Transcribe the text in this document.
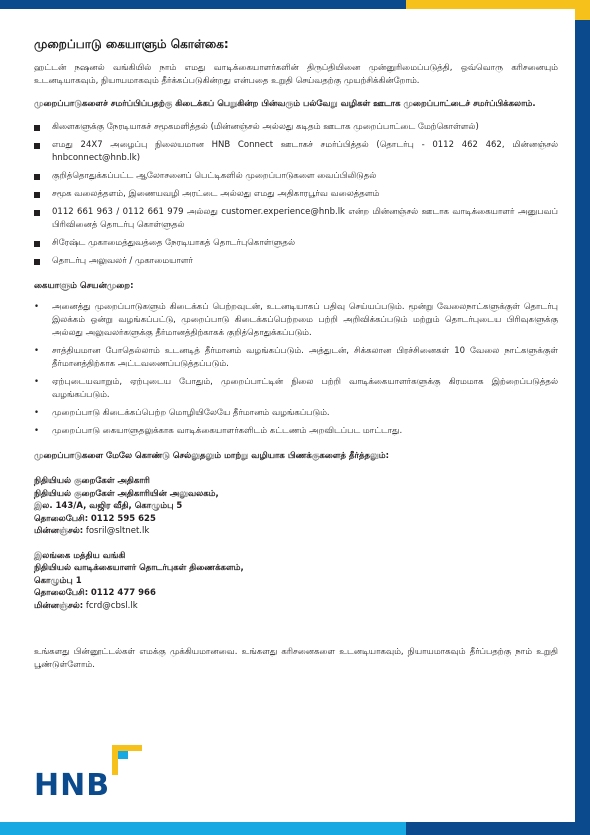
முறைப்பாடு கையாளும் கொள்கை:

ஹட்டன் நஷனல் வங்கியில் நாம் எமது வாடிக்கையாளர்களின் திருப்தியினை முன்னுரிமைப்படுத்தி, ஒவ்வொரு கரிசனையும் உடனடியாகவும், நியாயமாகவும் தீர்க்கப்படுகின்றது என்பதை உறுதி செய்வதற்கு முயற்சிக்கின்றோம்.

முறைப்பாடுகளைச் சமர்ப்பிப்பதற்கு கிடைக்கப் பெறுகின்ற பின்வரும் பல்வேறு வழிகள் ஊடாக முறைப்பாட்டைச் சமர்ப்பிக்கலாம்.

கிளைகளுக்கு நேரடியாகச் சமூகமளித்தல் (மின்னஞ்சல் அல்லது கடிதம் ஊடாக முறைப்பாட்டை மேற்கொள்ளல்)
எமது 24X7 அழைப்பு நிலையமான HNB Connect ஊடாகச் சமர்ப்பித்தல் (தொடர்பு - 0112 462 462, மின்னஞ்சல் hnbconnect@hnb.lk)
குறித்தொதுக்கப்பட்ட ஆலோசனைப் பெட்டிகளில் முறைப்பாடுகளை வைப்பிலிடுதல்
சமூக வலைத்தளம், இணையவழி அரட்டை அல்லது எமது அதிகாரபூர்வ வலைத்தளம்
0112 661 963 / 0112 661 979 அல்லது customer.experience@hnb.lk என்ற மின்னஞ்சல் ஊடாக வாடிக்கையாளர் அனுபவப் பிரிவினைத் தொடர்பு கொள்ளுதல்
சிரேஷ்ட முகாமைத்துவத்தை நேரடியாகத் தொடர்புகொள்ளுதல்
தொடர்பு அலுவலர் / முகாமையாளர்

கையாளும் செயன்முறை:

• அனைத்து முறைப்பாடுகளும் கிடைக்கப் பெற்றவுடன், உடனடியாகப் பதிவு செய்யப்படும். மூன்று வேலைநாட்களுக்குள் தொடர்பு இலக்கம் ஒன்று வழங்கப்பட்டு, முறைப்பாடு கிடைக்கப்பெற்றமை பற்றி அறிவிக்கப்படும் மற்றும் தொடர்புடைய பிரிவுகளுக்கு அல்லது அலுவலர்களுக்கு தீர்மானத்திற்காகக் குறித்தொதுக்கப்படும்.
• சாத்தியமான போதெல்லாம் உடனடித் தீர்மானம் வழங்கப்படும். அத்துடன், சிக்கலான பிரச்சினைகள் 10 வேலை நாட்களுக்குள் தீர்மானத்திற்காக அட்டவணைப்படுத்தப்படும்.
• ஏற்புடையவாறும், ஏற்புடைய போதும், முறைப்பாட்டின் நிலை பற்றி வாடிக்கையாளர்களுக்கு கிரமமாக இற்றைப்படுத்தல் வழங்கப்படும்.
• முறைப்பாடு கிடைக்கப்பெற்ற மொழியிலேயே தீர்மானம் வழங்கப்படும்.
• முறைப்பாடு கையாளுதலுக்காக வாடிக்கையாளர்களிடம் கட்டணம் அறவிடப்பட மாட்டாது.

முறைப்பாடுகளை மேலே கொண்டு செல்லுதலும் மாற்று வழியாக பிணக்குகளைத் தீர்த்தலும்:

நிதியியல் குறைகேள் அதிகாரி
நிதியியல் குறைகேள் அதிகாரியின் அலுவலகம்,
இல. 143/A, வஜிர வீதி, கொழும்பு 5
தொலைபேசி: 0112 595 625
மின்னஞ்சல்: fosril@sltnet.lk
இலங்கை மத்திய வங்கி
நிதியியல் வாடிக்கையாளர் தொடர்புகள் திணைக்களம்,
கொழும்பு 1
தொலைபேசி: 0112 477 966
மின்னஞ்சல்: fcrd@cbsl.lk

உங்களது பின்னூட்டல்கள் எமக்கு முக்கியமானவை. உங்களது கரிசனைகளை உடனடியாகவும், நியாயமாகவும் தீர்ப்பதற்கு நாம் உறுதி பூண்டுள்ளோம்.

HNB
